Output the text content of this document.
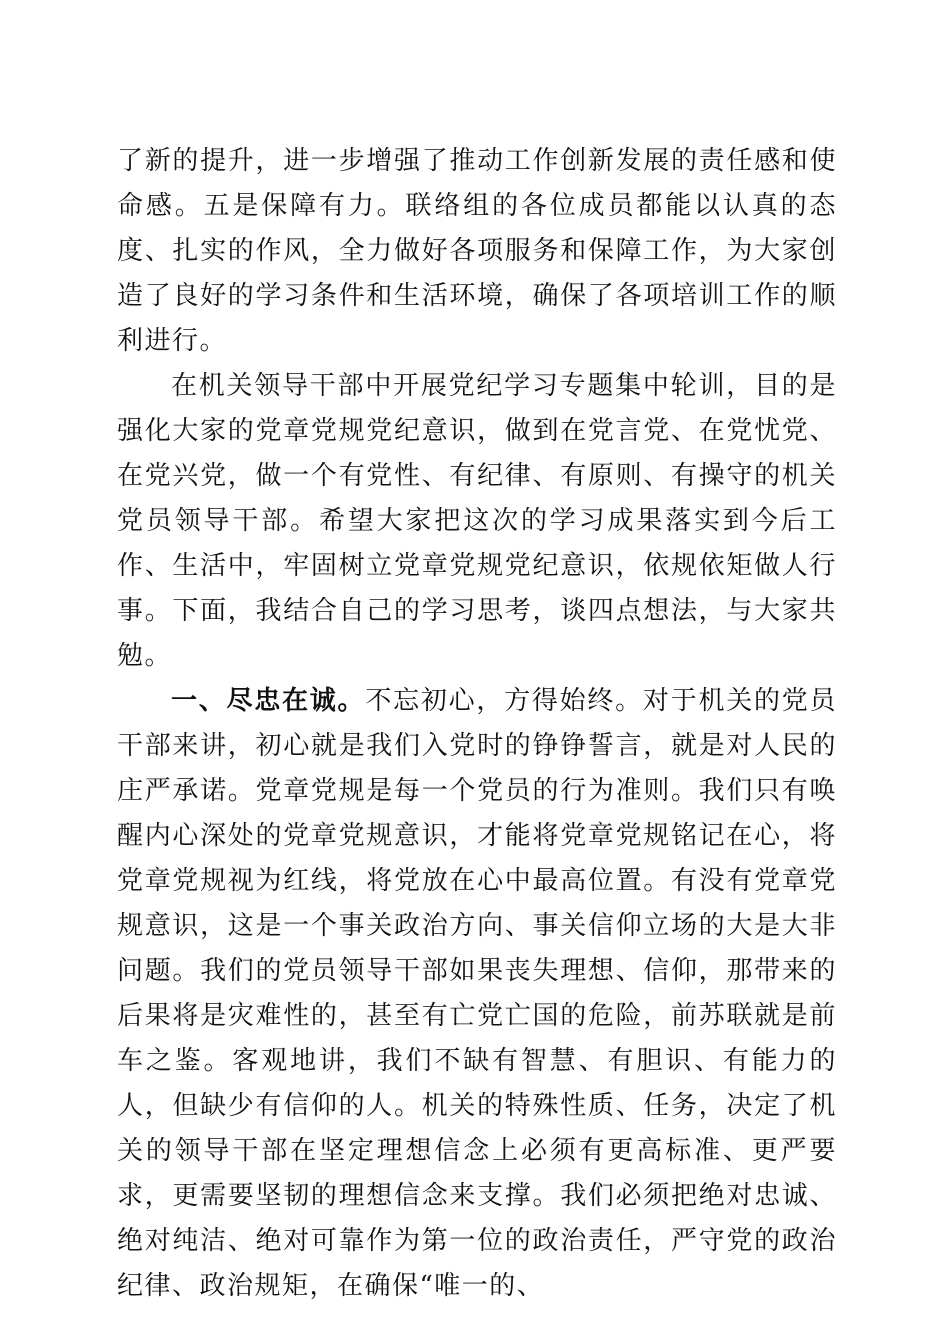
了新的提升，进一步增强了推动工作创新发展的责任感和使命感。五是保障有力。联络组的各位成员都能以认真的态度、扎实的作风，全力做好各项服务和保障工作，为大家创造了良好的学习条件和生活环境，确保了各项培训工作的顺利进行。

在机关领导干部中开展党纪学习专题集中轮训，目的是强化大家的党章党规党纪意识，做到在党言党、在党忧党、在党兴党，做一个有党性、有纪律、有原则、有操守的机关党员领导干部。希望大家把这次的学习成果落实到今后工作、生活中，牢固树立党章党规党纪意识，依规依矩做人行事。下面，我结合自己的学习思考，谈四点想法，与大家共勉。

一、尽忠在诚。不忘初心，方得始终。对于机关的党员干部来讲，初心就是我们入党时的铮铮誓言，就是对人民的庄严承诺。党章党规是每一个党员的行为准则。我们只有唤醒内心深处的党章党规意识，才能将党章党规铭记在心，将党章党规视为红线，将党放在心中最高位置。有没有党章党规意识，这是一个事关政治方向、事关信仰立场的大是大非问题。我们的党员领导干部如果丧失理想、信仰，那带来的后果将是灾难性的，甚至有亡党亡国的危险，前苏联就是前车之鉴。客观地讲，我们不缺有智慧、有胆识、有能力的人，但缺少有信仰的人。机关的特殊性质、任务，决定了机关的领导干部在坚定理想信念上必须有更高标准、更严要求，更需要坚韧的理想信念来支撑。我们必须把绝对忠诚、绝对纯洁、绝对可靠作为第一位的政治责任，严守党的政治纪律、政治规矩，在确保“唯一的、
